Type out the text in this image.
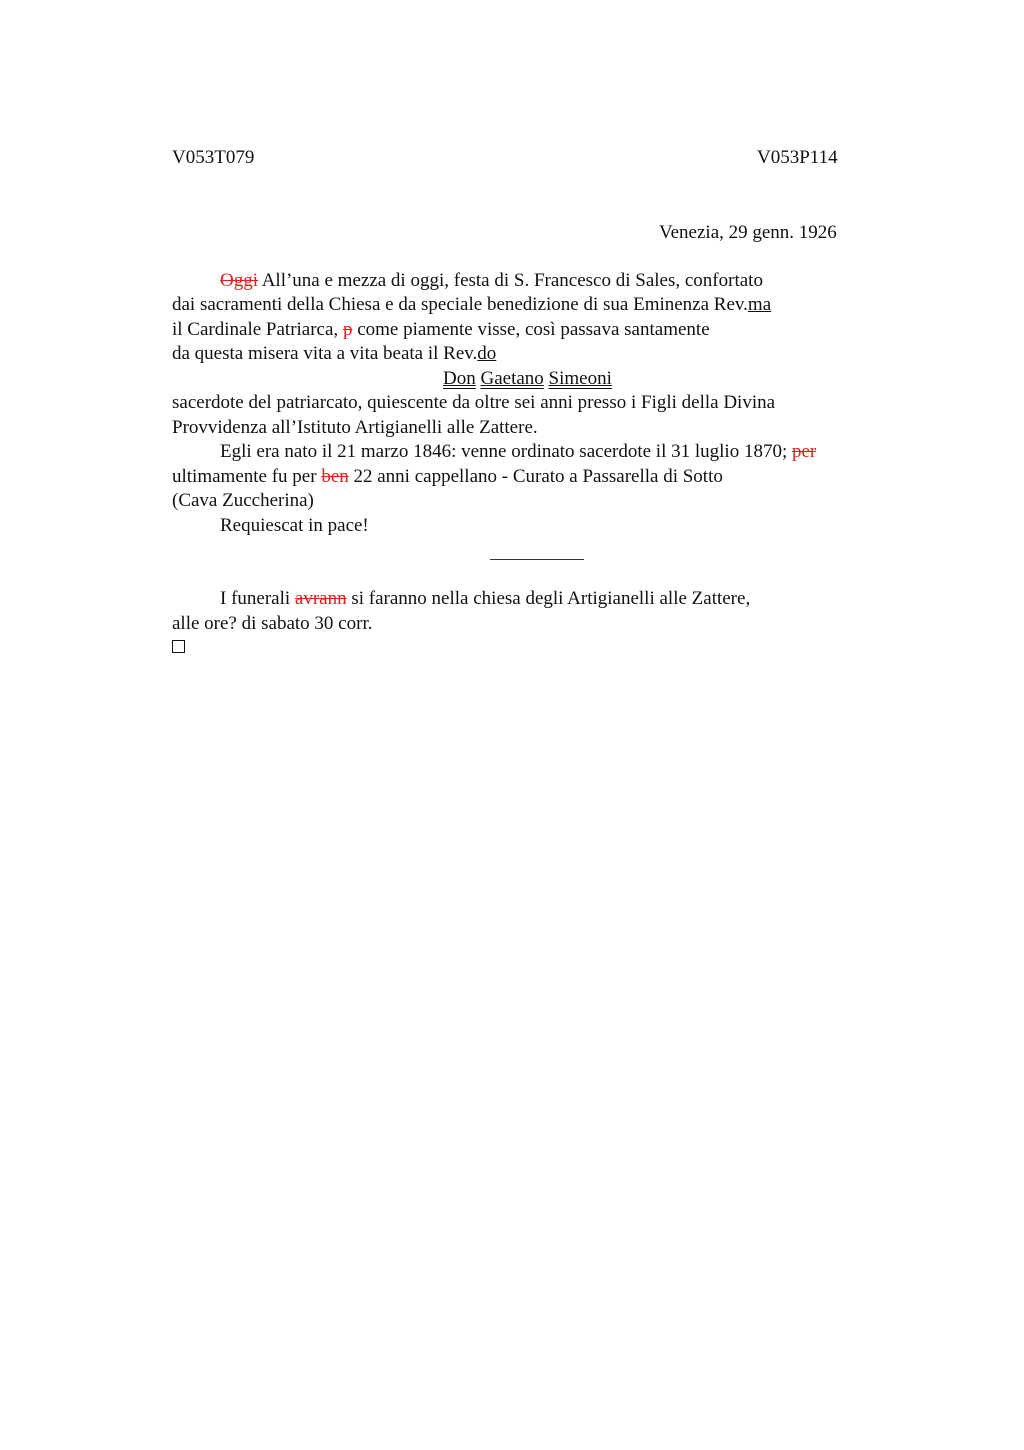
V053T079	V053P114
Venezia, 29 genn. 1926
Oggi All’una e mezza di oggi, festa di S. Francesco di Sales, confortato
dai sacramenti della Chiesa e da speciale benedizione di sua Eminenza Rev.ma
il Cardinale Patriarca, p come piamente visse, così passava santamente
da questa misera vita a vita beata il Rev.do
Don Gaetano Simeoni
sacerdote del patriarcato, quiescente da oltre sei anni presso i Figli della Divina
Provvidenza all’Istituto Artigianelli alle Zattere.
Egli era nato il 21 marzo 1846: venne ordinato sacerdote il 31 luglio 1870; per
ultimamente fu per ben 22 anni cappellano - Curato a Passarella di Sotto
(Cava Zuccherina)
Requiescat in pace!
I funerali avrann si faranno nella chiesa degli Artigianelli alle Zattere,
alle ore? di sabato 30 corr.
